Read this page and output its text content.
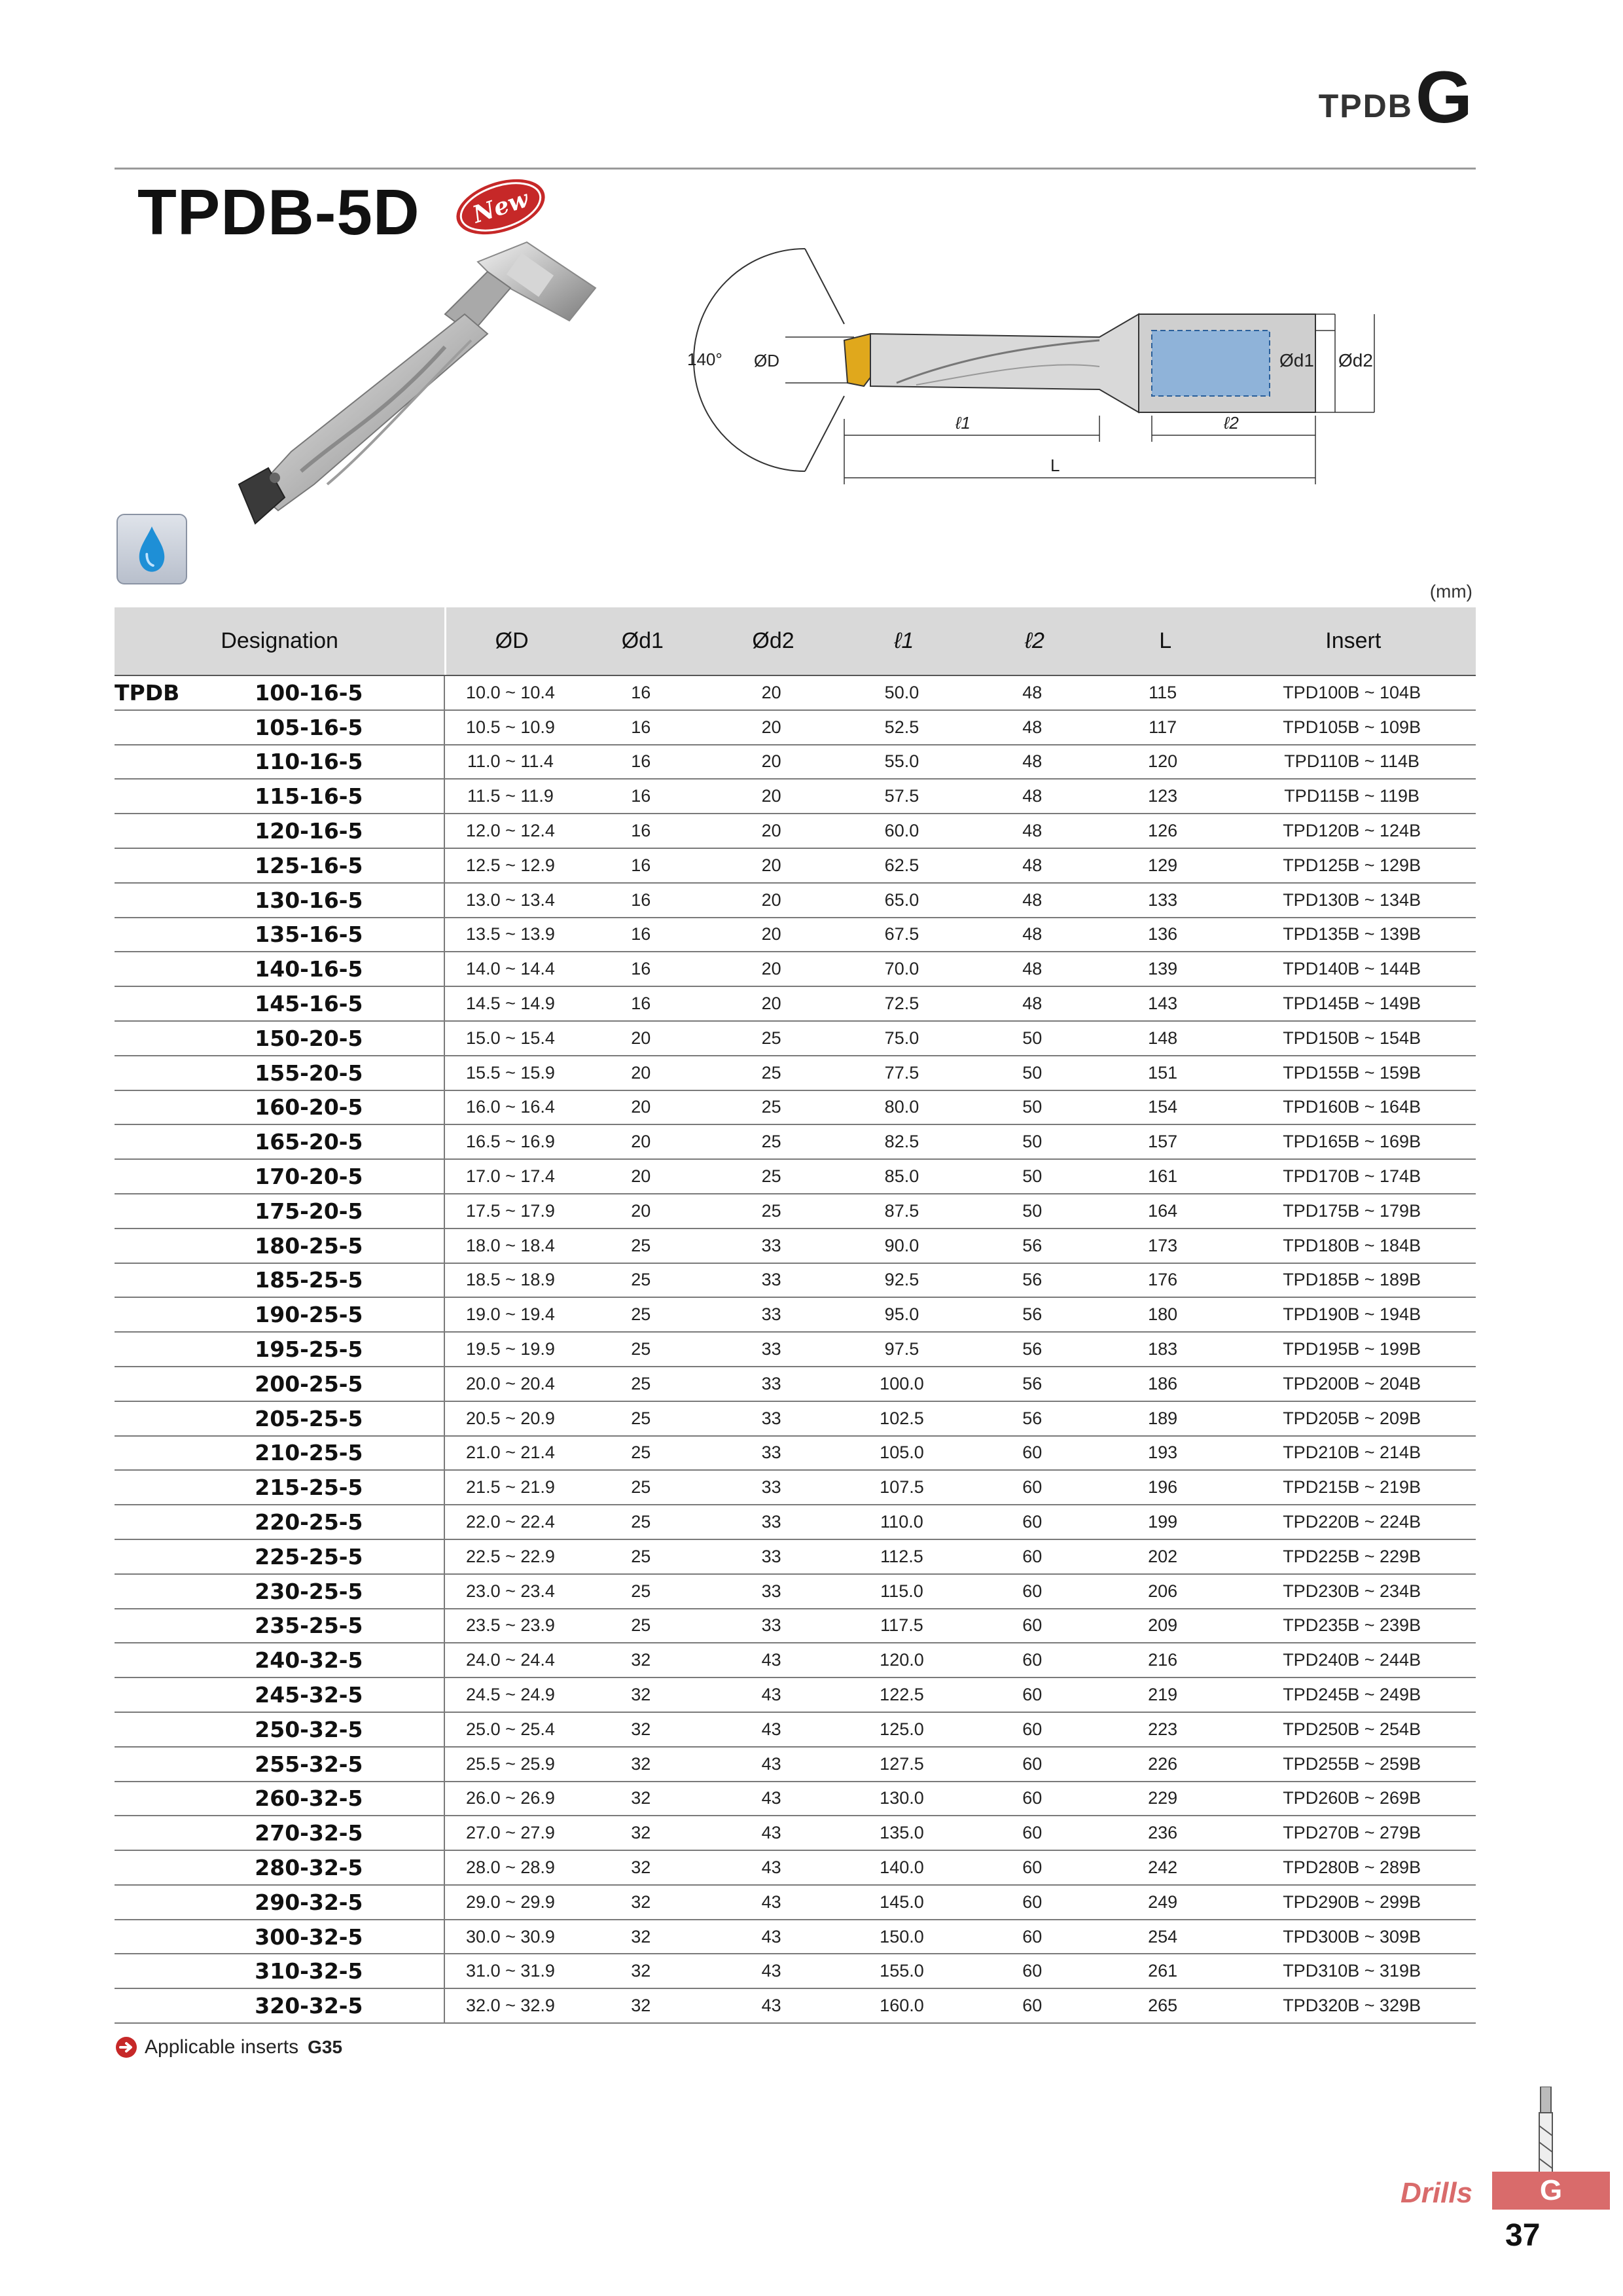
TPDB G
TPDB-5D New
140° ØD	Ød1 Ød2
ℓ1	ℓ2
L
(mm)
Designation	ØD	Ød1	Ød2	ℓ1	ℓ2	L	Insert
TPDB	100-16-5	10.0 ~ 10.4	16	20	50.0	48	115	TPD100B ~ 104B
105-16-5	10.5 ~ 10.9	16	20	52.5	48	117	TPD105B ~ 109B
110-16-5	11.0 ~ 11.4	16	20	55.0	48	120	TPD110B ~ 114B
115-16-5	11.5 ~ 11.9	16	20	57.5	48	123	TPD115B ~ 119B
120-16-5	12.0 ~ 12.4	16	20	60.0	48	126	TPD120B ~ 124B
125-16-5	12.5 ~ 12.9	16	20	62.5	48	129	TPD125B ~ 129B
130-16-5	13.0 ~ 13.4	16	20	65.0	48	133	TPD130B ~ 134B
135-16-5	13.5 ~ 13.9	16	20	67.5	48	136	TPD135B ~ 139B
140-16-5	14.0 ~ 14.4	16	20	70.0	48	139	TPD140B ~ 144B
145-16-5	14.5 ~ 14.9	16	20	72.5	48	143	TPD145B ~ 149B
150-20-5	15.0 ~ 15.4	20	25	75.0	50	148	TPD150B ~ 154B
155-20-5	15.5 ~ 15.9	20	25	77.5	50	151	TPD155B ~ 159B
160-20-5	16.0 ~ 16.4	20	25	80.0	50	154	TPD160B ~ 164B
165-20-5	16.5 ~ 16.9	20	25	82.5	50	157	TPD165B ~ 169B
170-20-5	17.0 ~ 17.4	20	25	85.0	50	161	TPD170B ~ 174B
175-20-5	17.5 ~ 17.9	20	25	87.5	50	164	TPD175B ~ 179B
180-25-5	18.0 ~ 18.4	25	33	90.0	56	173	TPD180B ~ 184B
185-25-5	18.5 ~ 18.9	25	33	92.5	56	176	TPD185B ~ 189B
190-25-5	19.0 ~ 19.4	25	33	95.0	56	180	TPD190B ~ 194B
195-25-5	19.5 ~ 19.9	25	33	97.5	56	183	TPD195B ~ 199B
200-25-5	20.0 ~ 20.4	25	33	100.0	56	186	TPD200B ~ 204B
205-25-5	20.5 ~ 20.9	25	33	102.5	56	189	TPD205B ~ 209B
210-25-5	21.0 ~ 21.4	25	33	105.0	60	193	TPD210B ~ 214B
215-25-5	21.5 ~ 21.9	25	33	107.5	60	196	TPD215B ~ 219B
220-25-5	22.0 ~ 22.4	25	33	110.0	60	199	TPD220B ~ 224B
225-25-5	22.5 ~ 22.9	25	33	112.5	60	202	TPD225B ~ 229B
230-25-5	23.0 ~ 23.4	25	33	115.0	60	206	TPD230B ~ 234B
235-25-5	23.5 ~ 23.9	25	33	117.5	60	209	TPD235B ~ 239B
240-32-5	24.0 ~ 24.4	32	43	120.0	60	216	TPD240B ~ 244B
245-32-5	24.5 ~ 24.9	32	43	122.5	60	219	TPD245B ~ 249B
250-32-5	25.0 ~ 25.4	32	43	125.0	60	223	TPD250B ~ 254B
255-32-5	25.5 ~ 25.9	32	43	127.5	60	226	TPD255B ~ 259B
260-32-5	26.0 ~ 26.9	32	43	130.0	60	229	TPD260B ~ 269B
270-32-5	27.0 ~ 27.9	32	43	135.0	60	236	TPD270B ~ 279B
280-32-5	28.0 ~ 28.9	32	43	140.0	60	242	TPD280B ~ 289B
290-32-5	29.0 ~ 29.9	32	43	145.0	60	249	TPD290B ~ 299B
300-32-5	30.0 ~ 30.9	32	43	150.0	60	254	TPD300B ~ 309B
310-32-5	31.0 ~ 31.9	32	43	155.0	60	261	TPD310B ~ 319B
320-32-5	32.0 ~ 32.9	32	43	160.0	60	265	TPD320B ~ 329B
Applicable inserts G35
Drills	G
37
